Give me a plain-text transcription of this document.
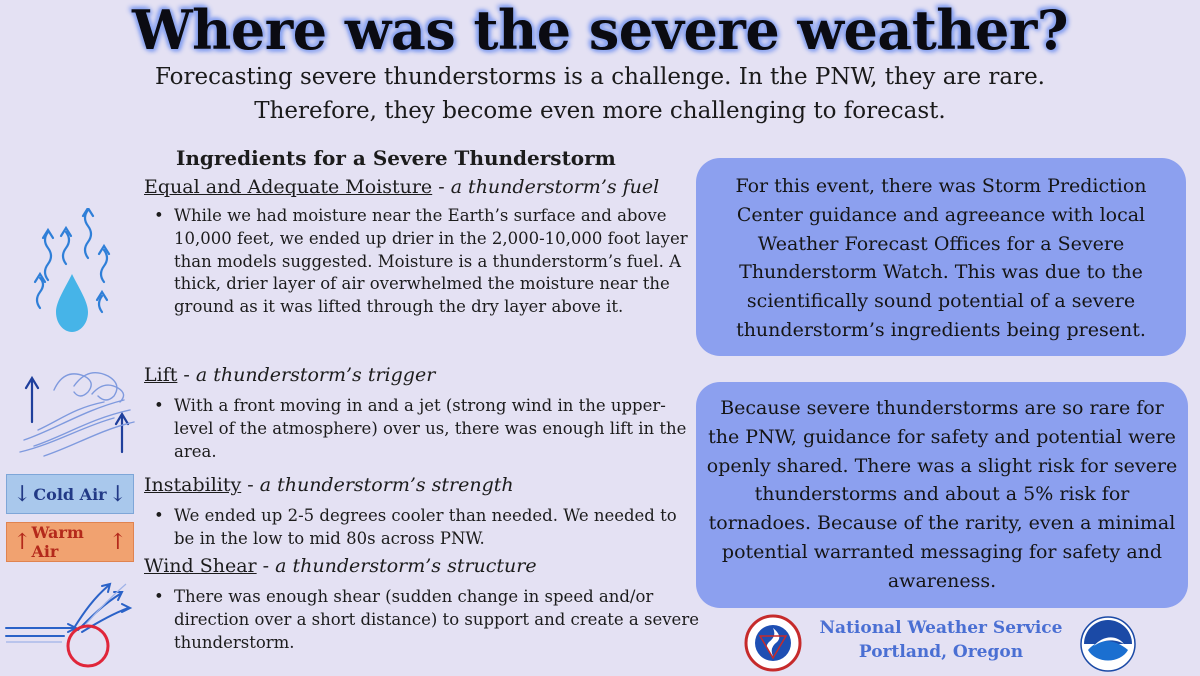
Where was the severe weather?
Forecasting severe thunderstorms is a challenge. In the PNW, they are rare.
Therefore, they become even more challenging to forecast.
Ingredients for a Severe Thunderstorm
Equal and Adequate Moisture - a thunderstorm’s fuel
• While we had moisture near the Earth’s surface and above 10,000 feet, we ended up drier in the 2,000-10,000 foot layer than models suggested. Moisture is a thunderstorm’s fuel. A thick, drier layer of air overwhelmed the moisture near the ground as it was lifted through the dry layer above it.
Lift - a thunderstorm’s trigger
• With a front moving in and a jet (strong wind in the upper-level of the atmosphere) over us, there was enough lift in the area.
Instability - a thunderstorm’s strength
• We ended up 2-5 degrees cooler than needed. We needed to be in the low to mid 80s across PNW.
Wind Shear - a thunderstorm’s structure
• There was enough shear (sudden change in speed and/or direction over a short distance) to support and create a severe thunderstorm.
↓ Cold Air ↓
↑ Warm Air	↑
For this event, there was Storm Prediction Center guidance and agreeance with local Weather Forecast Offices for a Severe Thunderstorm Watch. This was due to the scientifically sound potential of a severe thunderstorm’s ingredients being present.
Because severe thunderstorms are so rare for the PNW, guidance for safety and potential were openly shared. There was a slight risk for severe thunderstorms and about a 5% risk for tornadoes. Because of the rarity, even a minimal potential warranted messaging for safety and awareness.
National Weather Service
Portland, Oregon
